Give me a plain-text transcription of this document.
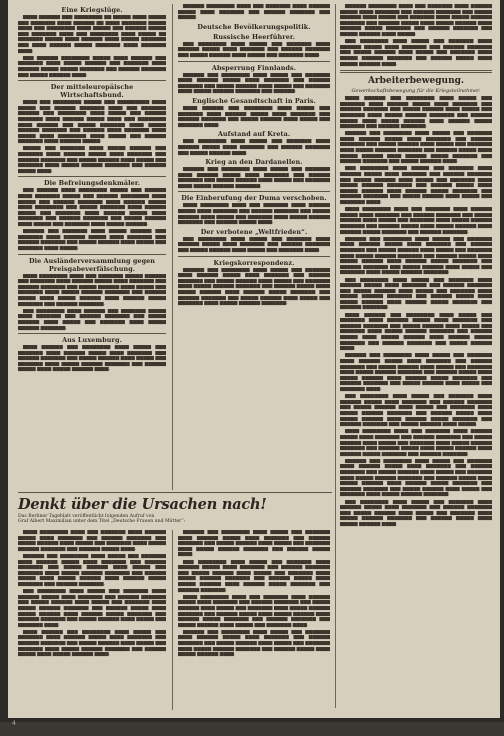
Eine Kriegslüge.

▆▆▆▆ ▆▆▆▆▆▆ ▆▆▆ ▆▆▆▆▆▆▆▆ ▆▆ ▆▆▆▆▆ ▆▆▆▆ ▆▆▆▆▆ ▆▆▆ ▆▆▆▆▆▆▆ ▆▆▆▆ ▆▆▆▆▆▆ ▆▆ ▆▆▆▆ ▆▆▆▆▆▆▆ ▆▆▆▆▆ ▆▆▆▆ ▆▆▆ ▆▆▆▆▆▆▆▆ ▆▆▆▆ ▆▆▆▆▆ ▆▆▆ ▆▆▆▆▆▆ ▆▆▆▆▆ ▆▆▆ ▆▆▆▆▆▆▆ ▆▆▆▆ ▆▆▆ ▆▆▆▆▆▆▆▆ ▆▆▆▆ ▆▆▆▆▆ ▆▆ ▆▆▆▆▆▆▆ ▆▆▆▆▆ ▆▆▆▆ ▆▆▆▆▆▆ ▆▆▆▆ ▆▆▆▆▆ ▆▆▆▆▆▆▆ ▆▆▆ ▆▆▆▆ ▆▆▆▆▆▆ ▆▆▆▆▆ ▆▆▆▆▆▆▆ ▆▆▆▆ ▆▆▆▆▆▆▆ ▆▆▆▆.

▆▆▆ ▆▆▆▆▆▆ ▆▆▆▆▆▆▆▆ ▆▆▆▆▆ ▆▆▆▆ ▆▆▆▆▆▆ ▆▆▆ ▆▆▆▆▆▆▆ ▆▆▆▆ ▆▆▆▆▆ ▆▆▆▆▆▆ ▆▆▆ ▆▆▆▆▆▆▆ ▆▆▆▆ ▆▆▆▆▆▆ ▆▆▆▆▆ ▆▆▆▆▆ ▆▆▆▆▆▆▆ ▆▆▆ ▆▆▆▆▆▆ ▆▆▆▆▆▆▆ ▆▆▆ ▆▆▆▆▆ ▆▆▆▆▆▆ ▆▆▆▆.

Der mitteleuropäische Wirtschaftsbund.

▆▆▆▆ ▆▆▆ ▆▆▆▆▆▆▆▆ ▆▆▆▆▆ ▆▆▆ ▆▆▆▆▆▆▆▆▆ ▆▆▆▆ ▆▆▆▆▆ ▆▆▆ ▆▆▆▆▆▆ ▆▆▆▆▆▆▆ ▆▆▆▆ ▆▆▆ ▆▆▆▆▆▆▆ ▆▆▆▆▆▆ ▆▆▆ ▆▆▆▆▆▆▆▆ ▆▆▆▆ ▆▆▆▆▆ ▆▆▆ ▆▆▆▆▆▆ ▆▆▆▆▆▆▆ ▆▆▆▆ ▆▆▆▆▆▆ ▆▆▆▆▆ ▆▆▆▆ ▆▆▆ ▆▆▆▆▆▆▆▆ ▆▆▆▆ ▆▆▆▆▆▆ ▆▆▆ ▆▆▆▆▆ ▆▆▆▆▆▆▆ ▆▆▆▆ ▆▆▆▆▆ ▆▆▆▆▆▆ ▆▆▆▆▆▆▆ ▆▆▆ ▆▆▆▆▆▆ ▆▆▆▆ ▆▆▆▆▆▆▆ ▆▆▆▆ ▆▆▆▆▆ ▆▆▆▆ ▆▆▆▆▆▆▆▆ ▆▆▆▆ ▆▆▆▆▆ ▆▆▆ ▆▆▆▆▆▆ ▆▆▆▆▆▆▆ ▆▆▆▆ ▆▆▆▆▆▆ ▆▆▆▆▆.

▆▆▆▆▆ ▆▆▆ ▆▆▆▆▆▆▆ ▆▆▆▆ ▆▆▆▆▆ ▆▆▆▆▆▆ ▆▆▆ ▆▆▆▆▆▆▆ ▆▆▆▆ ▆▆▆▆▆▆ ▆▆▆▆▆ ▆▆▆▆ ▆▆▆▆▆▆▆ ▆▆▆ ▆▆▆▆▆▆ ▆▆▆▆▆▆▆ ▆▆▆ ▆▆▆▆▆ ▆▆▆▆▆▆ ▆▆▆▆ ▆▆▆▆▆ ▆▆▆ ▆▆▆▆▆▆▆ ▆▆▆▆ ▆▆▆▆▆ ▆▆▆▆▆▆ ▆▆▆▆▆▆▆ ▆▆▆ ▆▆▆▆▆▆ ▆▆▆▆▆ ▆▆▆▆.

Die Befreiungsdenkmäler.

▆▆▆ ▆▆▆▆▆▆ ▆▆▆▆ ▆▆▆▆▆▆▆▆ ▆▆▆▆▆ ▆▆▆ ▆▆▆▆▆▆ ▆▆▆▆ ▆▆▆▆▆▆▆ ▆▆▆▆▆ ▆▆▆ ▆▆▆▆▆▆ ▆▆▆▆▆▆▆▆ ▆▆▆▆ ▆▆▆▆▆ ▆▆▆ ▆▆▆▆▆▆ ▆▆▆▆▆▆▆ ▆▆▆▆ ▆▆▆▆▆▆ ▆▆▆▆▆ ▆▆▆▆ ▆▆▆▆▆▆▆▆ ▆▆▆ ▆▆▆▆▆ ▆▆▆▆▆▆▆ ▆▆▆▆ ▆▆▆▆▆▆ ▆▆▆▆▆ ▆▆▆ ▆▆▆▆▆▆▆ ▆▆▆▆ ▆▆▆▆▆▆ ▆▆▆▆▆ ▆▆▆▆ ▆▆▆▆▆▆▆ ▆▆▆ ▆▆▆▆▆▆ ▆▆▆▆▆▆▆ ▆▆▆ ▆▆▆▆▆ ▆▆▆▆▆▆ ▆▆▆▆ ▆▆▆▆▆ ▆▆▆ ▆▆▆▆▆▆▆ ▆▆▆▆ ▆▆▆▆▆ ▆▆▆▆▆▆.

▆▆▆▆▆▆ ▆▆▆ ▆▆▆▆▆▆▆ ▆▆▆▆ ▆▆▆▆▆ ▆▆▆▆▆▆ ▆▆▆ ▆▆▆▆▆▆▆ ▆▆▆▆ ▆▆▆▆▆▆ ▆▆▆▆▆ ▆▆▆▆ ▆▆▆▆▆▆▆ ▆▆▆ ▆▆▆▆▆▆ ▆▆▆▆▆▆▆ ▆▆▆ ▆▆▆▆▆ ▆▆▆▆▆▆ ▆▆▆▆ ▆▆▆▆▆ ▆▆▆ ▆▆▆▆▆▆▆ ▆▆▆▆ ▆▆▆▆▆.

Die Ausländerversammlung gegen Preisgabeverfälschung.

▆▆▆▆ ▆▆▆▆▆▆▆▆ ▆▆▆▆ ▆▆▆ ▆▆▆▆▆▆▆ ▆▆▆▆▆ ▆▆▆▆▆▆ ▆▆▆ ▆▆▆▆▆▆▆ ▆▆▆▆ ▆▆▆▆▆▆ ▆▆▆▆▆ ▆▆▆▆ ▆▆▆▆▆▆▆ ▆▆▆ ▆▆▆▆▆▆ ▆▆▆▆▆▆▆ ▆▆▆ ▆▆▆▆▆ ▆▆▆▆▆▆ ▆▆▆▆ ▆▆▆▆▆ ▆▆▆ ▆▆▆▆▆▆▆ ▆▆▆▆ ▆▆▆▆▆ ▆▆▆▆▆▆ ▆▆▆▆▆▆▆ ▆▆▆ ▆▆▆▆▆▆ ▆▆▆▆▆ ▆▆▆▆ ▆▆▆▆▆ ▆▆▆▆▆▆ ▆▆▆▆ ▆▆▆▆▆▆ ▆▆▆▆▆ ▆▆▆▆▆▆▆ ▆▆▆ ▆▆▆▆▆▆ ▆▆▆▆▆▆▆.

▆▆▆ ▆▆▆▆▆▆▆▆ ▆▆▆▆ ▆▆▆▆▆▆ ▆▆▆ ▆▆▆▆▆▆▆ ▆▆▆▆▆ ▆▆▆▆ ▆▆▆▆▆▆▆ ▆▆▆ ▆▆▆▆▆▆ ▆▆▆▆▆▆▆ ▆▆▆ ▆▆▆▆▆ ▆▆▆▆▆▆ ▆▆▆▆ ▆▆▆▆▆ ▆▆▆ ▆▆▆▆▆▆▆ ▆▆▆▆ ▆▆▆▆▆ ▆▆▆▆▆▆ ▆▆▆▆▆▆▆.

Aus Luxemburg.

▆▆▆▆ ▆▆▆▆▆▆ ▆▆▆ ▆▆▆▆▆▆▆▆ ▆▆▆▆ ▆▆▆▆▆ ▆▆▆ ▆▆▆▆▆▆▆ ▆▆▆▆ ▆▆▆▆▆▆ ▆▆▆▆▆ ▆▆▆▆ ▆▆▆▆▆▆▆ ▆▆▆ ▆▆▆▆▆▆ ▆▆▆▆▆▆▆ ▆▆▆ ▆▆▆▆▆ ▆▆▆▆▆▆ ▆▆▆▆ ▆▆▆▆▆ ▆▆▆ ▆▆▆▆▆▆▆ ▆▆▆▆ ▆▆▆▆▆ ▆▆▆▆▆▆ ▆▆▆▆▆▆▆ ▆▆▆ ▆▆▆▆▆▆ ▆▆▆▆▆ ▆▆▆▆ ▆▆▆▆▆ ▆▆▆▆▆▆ ▆▆▆▆.

▆▆▆▆▆▆ ▆▆▆▆▆▆▆▆ ▆▆▆▆ ▆▆▆ ▆▆▆▆▆▆▆ ▆▆▆▆ ▆▆▆▆▆▆ ▆▆▆▆▆ ▆▆▆▆ ▆▆▆▆▆▆▆ ▆▆▆ ▆▆▆▆▆▆ ▆▆▆▆▆▆▆ ▆▆▆ ▆▆▆▆▆.

Deutsche Bevölkerungspolitik.
Russische Heerführer.

▆▆▆ ▆▆▆▆▆▆▆▆ ▆▆▆▆ ▆▆▆▆▆ ▆▆▆ ▆▆▆▆▆▆▆ ▆▆▆▆ ▆▆▆▆▆▆ ▆▆▆▆▆ ▆▆▆▆ ▆▆▆▆▆▆▆ ▆▆▆ ▆▆▆▆▆▆ ▆▆▆▆▆▆▆ ▆▆▆ ▆▆▆▆▆ ▆▆▆▆▆▆ ▆▆▆▆ ▆▆▆▆▆ ▆▆▆ ▆▆▆▆▆▆▆ ▆▆▆▆.

Absperrung Finnlands.

▆▆▆▆▆▆ ▆▆▆ ▆▆▆▆▆▆▆▆ ▆▆▆▆ ▆▆▆▆▆ ▆▆▆ ▆▆▆▆▆▆▆ ▆▆▆▆ ▆▆▆▆▆▆ ▆▆▆▆▆ ▆▆▆▆ ▆▆▆▆▆▆▆ ▆▆▆ ▆▆▆▆▆▆ ▆▆▆▆▆▆▆ ▆▆▆ ▆▆▆▆▆ ▆▆▆▆▆▆ ▆▆▆▆ ▆▆▆▆▆ ▆▆▆ ▆▆▆▆▆▆▆ ▆▆▆▆ ▆▆▆▆▆ ▆▆▆▆▆▆ ▆▆▆▆▆▆▆ ▆▆▆ ▆▆▆▆▆▆.

Englische Gesandtschaft in Paris.

▆▆▆▆ ▆▆▆▆▆▆ ▆▆▆ ▆▆▆▆▆▆▆▆ ▆▆▆▆ ▆▆▆▆▆ ▆▆▆ ▆▆▆▆▆▆▆ ▆▆▆▆ ▆▆▆▆▆▆ ▆▆▆▆▆ ▆▆▆▆ ▆▆▆▆▆▆▆ ▆▆▆ ▆▆▆▆▆▆ ▆▆▆▆▆▆▆ ▆▆▆ ▆▆▆▆▆ ▆▆▆▆▆▆ ▆▆▆▆ ▆▆▆▆▆ ▆▆▆ ▆▆▆▆▆▆▆ ▆▆▆▆.

Aufstand auf Kreta.

▆▆▆ ▆▆▆▆▆▆▆▆ ▆▆▆▆ ▆▆▆▆▆ ▆▆▆ ▆▆▆▆▆▆▆ ▆▆▆▆ ▆▆▆▆▆▆ ▆▆▆▆▆ ▆▆▆▆ ▆▆▆▆▆▆▆ ▆▆▆ ▆▆▆▆▆▆ ▆▆▆▆▆▆▆ ▆▆▆ ▆▆▆▆▆ ▆▆▆▆▆▆ ▆▆▆▆.

Krieg an den Dardanellen.

▆▆▆▆▆▆ ▆▆▆ ▆▆▆▆▆▆▆▆ ▆▆▆▆ ▆▆▆▆▆ ▆▆▆ ▆▆▆▆▆▆▆ ▆▆▆▆ ▆▆▆▆▆▆ ▆▆▆▆▆ ▆▆▆▆ ▆▆▆▆▆▆▆ ▆▆▆ ▆▆▆▆▆▆ ▆▆▆▆▆▆▆ ▆▆▆ ▆▆▆▆▆ ▆▆▆▆▆▆ ▆▆▆▆ ▆▆▆▆▆ ▆▆▆ ▆▆▆▆▆▆▆ ▆▆▆▆ ▆▆▆▆▆ ▆▆▆▆▆▆ ▆▆▆▆▆▆▆.

Die Einberufung der Duma verschoben.

▆▆▆▆ ▆▆▆▆▆▆▆▆ ▆▆▆▆ ▆▆▆ ▆▆▆▆▆▆▆ ▆▆▆▆ ▆▆▆▆▆▆ ▆▆▆▆▆ ▆▆▆▆ ▆▆▆▆▆▆▆ ▆▆▆ ▆▆▆▆▆▆ ▆▆▆▆▆▆▆ ▆▆▆ ▆▆▆▆▆ ▆▆▆▆▆▆ ▆▆▆▆ ▆▆▆▆▆ ▆▆▆ ▆▆▆▆▆▆▆ ▆▆▆▆ ▆▆▆▆▆ ▆▆▆▆▆▆ ▆▆▆▆▆▆▆ ▆▆▆ ▆▆▆▆▆▆ ▆▆▆▆▆ ▆▆▆▆.

Der verbotene „Weltfrieden“.

▆▆▆ ▆▆▆▆▆▆▆▆ ▆▆▆▆ ▆▆▆▆▆ ▆▆▆ ▆▆▆▆▆▆▆ ▆▆▆▆ ▆▆▆▆▆▆ ▆▆▆▆▆ ▆▆▆▆ ▆▆▆▆▆▆▆ ▆▆▆ ▆▆▆▆▆▆ ▆▆▆▆▆▆▆ ▆▆▆ ▆▆▆▆▆ ▆▆▆▆▆▆ ▆▆▆▆ ▆▆▆▆▆ ▆▆▆ ▆▆▆▆▆▆▆ ▆▆▆▆.

Kriegskorrespondenz.

▆▆▆▆▆▆ ▆▆▆ ▆▆▆▆▆▆▆▆ ▆▆▆▆ ▆▆▆▆▆ ▆▆▆ ▆▆▆▆▆▆▆ ▆▆▆▆ ▆▆▆▆▆▆ ▆▆▆▆▆ ▆▆▆▆ ▆▆▆▆▆▆▆ ▆▆▆ ▆▆▆▆▆▆ ▆▆▆▆▆▆▆ ▆▆▆ ▆▆▆▆▆ ▆▆▆▆▆▆ ▆▆▆▆ ▆▆▆▆▆ ▆▆▆ ▆▆▆▆▆▆▆ ▆▆▆▆ ▆▆▆▆▆ ▆▆▆▆▆▆ ▆▆▆▆▆▆▆ ▆▆▆ ▆▆▆▆▆▆ ▆▆▆▆▆ ▆▆▆▆ ▆▆▆▆▆ ▆▆▆▆▆▆ ▆▆▆▆ ▆▆▆▆▆▆ ▆▆▆▆▆ ▆▆▆▆▆▆▆ ▆▆▆ ▆▆▆▆▆▆ ▆▆▆▆▆▆▆ ▆▆▆ ▆▆▆▆▆ ▆▆▆▆▆▆ ▆▆▆▆ ▆▆▆▆▆ ▆▆▆ ▆▆▆▆▆▆▆ ▆▆▆▆ ▆▆▆▆▆ ▆▆▆▆▆▆ ▆▆▆▆▆▆▆.

▆▆▆▆▆▆ ▆▆▆▆▆▆▆▆ ▆▆▆▆ ▆▆▆ ▆▆▆▆▆▆▆ ▆▆▆▆ ▆▆▆▆▆▆ ▆▆▆▆▆ ▆▆▆▆ ▆▆▆▆▆▆▆ ▆▆▆ ▆▆▆▆▆▆ ▆▆▆▆▆▆▆ ▆▆▆ ▆▆▆▆▆ ▆▆▆▆▆▆ ▆▆▆▆ ▆▆▆▆▆ ▆▆▆ ▆▆▆▆▆▆▆ ▆▆▆▆ ▆▆▆▆▆ ▆▆▆▆▆▆ ▆▆▆▆▆▆▆ ▆▆▆ ▆▆▆▆▆▆ ▆▆▆▆▆ ▆▆▆▆ ▆▆▆▆▆ ▆▆▆▆▆▆ ▆▆▆▆ ▆▆▆▆▆▆ ▆▆▆▆▆ ▆▆▆▆▆▆▆ ▆▆▆ ▆▆▆▆▆▆ ▆▆▆▆▆▆▆ ▆▆▆ ▆▆▆▆▆ ▆▆▆▆▆▆ ▆▆▆▆ ▆▆▆▆▆.

▆▆▆ ▆▆▆▆▆▆▆▆ ▆▆▆▆ ▆▆▆▆▆ ▆▆▆ ▆▆▆▆▆▆▆ ▆▆▆▆ ▆▆▆▆▆▆ ▆▆▆▆▆ ▆▆▆▆ ▆▆▆▆▆▆▆ ▆▆▆ ▆▆▆▆▆▆ ▆▆▆▆▆▆▆ ▆▆▆ ▆▆▆▆▆ ▆▆▆▆▆▆ ▆▆▆▆ ▆▆▆▆▆ ▆▆▆ ▆▆▆▆▆▆▆ ▆▆▆▆ ▆▆▆▆▆ ▆▆▆▆▆▆ ▆▆▆▆▆▆▆ ▆▆▆ ▆▆▆▆▆▆ ▆▆▆▆▆ ▆▆▆▆ ▆▆▆▆▆ ▆▆▆▆▆▆ ▆▆▆▆.

Arbeiterbewegung.
Gewerkschaftsbewegung für die Kriegsteilnehmer.

▆▆▆▆ ▆▆▆▆▆▆ ▆▆▆ ▆▆▆▆▆▆▆▆ ▆▆▆▆ ▆▆▆▆▆ ▆▆▆ ▆▆▆▆▆▆▆ ▆▆▆▆ ▆▆▆▆▆▆ ▆▆▆▆▆ ▆▆▆▆ ▆▆▆▆▆▆▆ ▆▆▆ ▆▆▆▆▆▆ ▆▆▆▆▆▆▆ ▆▆▆ ▆▆▆▆▆ ▆▆▆▆▆▆ ▆▆▆▆ ▆▆▆▆▆ ▆▆▆ ▆▆▆▆▆▆▆ ▆▆▆▆ ▆▆▆▆▆ ▆▆▆▆▆▆ ▆▆▆▆▆▆▆ ▆▆▆ ▆▆▆▆▆▆ ▆▆▆▆▆ ▆▆▆▆ ▆▆▆▆▆ ▆▆▆▆▆▆ ▆▆▆▆ ▆▆▆▆▆▆ ▆▆▆▆▆ ▆▆▆▆▆▆▆ ▆▆▆ ▆▆▆▆▆▆ ▆▆▆▆▆▆▆.

▆▆▆▆▆▆ ▆▆▆ ▆▆▆▆▆▆▆▆ ▆▆▆▆ ▆▆▆▆▆ ▆▆▆ ▆▆▆▆▆▆▆ ▆▆▆▆ ▆▆▆▆▆▆ ▆▆▆▆▆ ▆▆▆▆ ▆▆▆▆▆▆▆ ▆▆▆ ▆▆▆▆▆▆ ▆▆▆▆▆▆▆ ▆▆▆ ▆▆▆▆▆ ▆▆▆▆▆▆ ▆▆▆▆ ▆▆▆▆▆ ▆▆▆ ▆▆▆▆▆▆▆ ▆▆▆▆ ▆▆▆▆▆ ▆▆▆▆▆▆ ▆▆▆▆▆▆▆ ▆▆▆ ▆▆▆▆▆▆ ▆▆▆▆▆ ▆▆▆▆ ▆▆▆▆▆ ▆▆▆▆▆▆ ▆▆▆▆ ▆▆▆▆▆▆ ▆▆▆▆▆ ▆▆▆▆▆▆▆ ▆▆▆ ▆▆▆▆▆▆ ▆▆▆▆▆▆▆ ▆▆▆ ▆▆▆▆▆ ▆▆▆▆▆▆ ▆▆▆▆.

▆▆▆ ▆▆▆▆▆▆▆▆ ▆▆▆▆ ▆▆▆▆▆ ▆▆▆ ▆▆▆▆▆▆▆ ▆▆▆▆ ▆▆▆▆▆▆ ▆▆▆▆▆ ▆▆▆▆ ▆▆▆▆▆▆▆ ▆▆▆ ▆▆▆▆▆▆ ▆▆▆▆▆▆▆ ▆▆▆ ▆▆▆▆▆ ▆▆▆▆▆▆ ▆▆▆▆ ▆▆▆▆▆ ▆▆▆ ▆▆▆▆▆▆▆ ▆▆▆▆ ▆▆▆▆▆ ▆▆▆▆▆▆ ▆▆▆▆▆▆▆ ▆▆▆ ▆▆▆▆▆▆ ▆▆▆▆▆ ▆▆▆▆ ▆▆▆▆▆ ▆▆▆▆▆▆ ▆▆▆▆ ▆▆▆▆▆▆ ▆▆▆▆▆ ▆▆▆▆▆▆▆ ▆▆▆ ▆▆▆▆▆▆ ▆▆▆▆▆▆▆ ▆▆▆ ▆▆▆▆▆ ▆▆▆▆▆▆ ▆▆▆▆ ▆▆▆▆▆ ▆▆▆ ▆▆▆▆▆▆▆ ▆▆▆▆.

▆▆▆▆ ▆▆▆▆▆▆▆▆ ▆▆▆▆ ▆▆▆ ▆▆▆▆▆▆▆ ▆▆▆▆ ▆▆▆▆▆▆ ▆▆▆▆▆ ▆▆▆▆ ▆▆▆▆▆▆▆ ▆▆▆ ▆▆▆▆▆▆ ▆▆▆▆▆▆▆ ▆▆▆ ▆▆▆▆▆ ▆▆▆▆▆▆ ▆▆▆▆ ▆▆▆▆▆ ▆▆▆ ▆▆▆▆▆▆▆ ▆▆▆▆ ▆▆▆▆▆ ▆▆▆▆▆▆ ▆▆▆▆▆▆▆ ▆▆▆ ▆▆▆▆▆▆ ▆▆▆▆▆ ▆▆▆▆ ▆▆▆▆▆ ▆▆▆▆▆▆ ▆▆▆▆ ▆▆▆▆▆▆ ▆▆▆▆▆ ▆▆▆▆▆▆▆ ▆▆▆ ▆▆▆▆▆▆ ▆▆▆▆▆▆▆.

▆▆▆▆▆▆ ▆▆▆ ▆▆▆▆▆▆▆▆ ▆▆▆▆ ▆▆▆▆▆ ▆▆▆ ▆▆▆▆▆▆▆ ▆▆▆▆ ▆▆▆▆▆▆ ▆▆▆▆▆ ▆▆▆▆ ▆▆▆▆▆▆▆ ▆▆▆ ▆▆▆▆▆▆ ▆▆▆▆▆▆▆ ▆▆▆ ▆▆▆▆▆ ▆▆▆▆▆▆ ▆▆▆▆ ▆▆▆▆▆ ▆▆▆ ▆▆▆▆▆▆▆ ▆▆▆▆ ▆▆▆▆▆ ▆▆▆▆▆▆ ▆▆▆▆▆▆▆ ▆▆▆ ▆▆▆▆▆▆ ▆▆▆▆▆ ▆▆▆▆ ▆▆▆▆▆ ▆▆▆▆▆▆ ▆▆▆▆ ▆▆▆▆▆▆ ▆▆▆▆▆ ▆▆▆▆▆▆▆ ▆▆▆ ▆▆▆▆▆▆ ▆▆▆▆▆▆▆ ▆▆▆ ▆▆▆▆▆ ▆▆▆▆▆▆ ▆▆▆▆ ▆▆▆▆▆ ▆▆▆ ▆▆▆▆▆▆▆ ▆▆▆▆ ▆▆▆▆▆ ▆▆▆▆▆▆ ▆▆▆▆▆▆▆.

▆▆▆ ▆▆▆▆▆▆▆▆ ▆▆▆▆ ▆▆▆▆▆ ▆▆▆ ▆▆▆▆▆▆▆ ▆▆▆▆ ▆▆▆▆▆▆ ▆▆▆▆▆ ▆▆▆▆ ▆▆▆▆▆▆▆ ▆▆▆ ▆▆▆▆▆▆ ▆▆▆▆▆▆▆ ▆▆▆ ▆▆▆▆▆ ▆▆▆▆▆▆ ▆▆▆▆ ▆▆▆▆▆ ▆▆▆ ▆▆▆▆▆▆▆ ▆▆▆▆ ▆▆▆▆▆ ▆▆▆▆▆▆ ▆▆▆▆▆▆▆ ▆▆▆ ▆▆▆▆▆▆ ▆▆▆▆▆ ▆▆▆▆ ▆▆▆▆▆ ▆▆▆▆▆▆ ▆▆▆▆ ▆▆▆▆▆▆ ▆▆▆▆▆ ▆▆▆▆▆▆▆ ▆▆▆ ▆▆▆▆▆▆ ▆▆▆▆▆▆▆.

▆▆▆▆ ▆▆▆▆▆▆ ▆▆▆ ▆▆▆▆▆▆▆▆ ▆▆▆▆ ▆▆▆▆▆ ▆▆▆ ▆▆▆▆▆▆▆ ▆▆▆▆ ▆▆▆▆▆▆ ▆▆▆▆▆ ▆▆▆▆ ▆▆▆▆▆▆▆ ▆▆▆ ▆▆▆▆▆▆ ▆▆▆▆▆▆▆ ▆▆▆ ▆▆▆▆▆ ▆▆▆▆▆▆ ▆▆▆▆ ▆▆▆▆▆ ▆▆▆ ▆▆▆▆▆▆▆ ▆▆▆▆ ▆▆▆▆▆ ▆▆▆▆▆▆ ▆▆▆▆▆▆▆ ▆▆▆ ▆▆▆▆▆▆ ▆▆▆▆▆ ▆▆▆▆ ▆▆▆▆▆ ▆▆▆▆▆▆ ▆▆▆▆ ▆▆▆▆▆▆ ▆▆▆▆▆ ▆▆▆▆▆▆▆ ▆▆▆ ▆▆▆▆▆▆ ▆▆▆▆▆▆▆ ▆▆▆ ▆▆▆▆▆ ▆▆▆▆▆▆ ▆▆▆▆.

▆▆▆▆▆▆ ▆▆▆ ▆▆▆▆▆▆▆▆ ▆▆▆▆ ▆▆▆▆▆ ▆▆▆ ▆▆▆▆▆▆▆ ▆▆▆▆ ▆▆▆▆▆▆ ▆▆▆▆▆ ▆▆▆▆ ▆▆▆▆▆▆▆ ▆▆▆ ▆▆▆▆▆▆ ▆▆▆▆▆▆▆ ▆▆▆ ▆▆▆▆▆ ▆▆▆▆▆▆ ▆▆▆▆ ▆▆▆▆▆ ▆▆▆ ▆▆▆▆▆▆▆ ▆▆▆▆ ▆▆▆▆▆ ▆▆▆▆▆▆ ▆▆▆▆▆▆▆ ▆▆▆ ▆▆▆▆▆▆ ▆▆▆▆▆ ▆▆▆▆ ▆▆▆▆▆ ▆▆▆▆▆▆ ▆▆▆▆ ▆▆▆▆▆▆ ▆▆▆▆▆ ▆▆▆▆▆▆▆ ▆▆▆ ▆▆▆▆▆▆ ▆▆▆▆▆▆▆ ▆▆▆ ▆▆▆▆▆ ▆▆▆▆▆▆ ▆▆▆▆ ▆▆▆▆▆ ▆▆▆ ▆▆▆▆▆▆▆ ▆▆▆▆.

▆▆▆ ▆▆▆▆▆▆▆▆ ▆▆▆▆ ▆▆▆▆▆ ▆▆▆ ▆▆▆▆▆▆▆ ▆▆▆▆ ▆▆▆▆▆▆ ▆▆▆▆▆ ▆▆▆▆ ▆▆▆▆▆▆▆ ▆▆▆ ▆▆▆▆▆▆ ▆▆▆▆▆▆▆ ▆▆▆ ▆▆▆▆▆ ▆▆▆▆▆▆ ▆▆▆▆ ▆▆▆▆▆ ▆▆▆ ▆▆▆▆▆▆▆ ▆▆▆▆ ▆▆▆▆▆ ▆▆▆▆▆▆ ▆▆▆▆▆▆▆ ▆▆▆ ▆▆▆▆▆▆ ▆▆▆▆▆ ▆▆▆▆ ▆▆▆▆▆ ▆▆▆▆▆▆ ▆▆▆▆ ▆▆▆▆▆▆ ▆▆▆▆▆ ▆▆▆▆▆▆▆ ▆▆▆ ▆▆▆▆▆▆ ▆▆▆▆▆▆▆ ▆▆▆ ▆▆▆▆▆ ▆▆▆▆▆▆ ▆▆▆▆ ▆▆▆▆▆.

▆▆▆▆ ▆▆▆▆▆▆▆▆ ▆▆▆▆ ▆▆▆ ▆▆▆▆▆▆▆ ▆▆▆▆ ▆▆▆▆▆▆ ▆▆▆▆▆ ▆▆▆▆ ▆▆▆▆▆▆▆ ▆▆▆ ▆▆▆▆▆▆ ▆▆▆▆▆▆▆ ▆▆▆ ▆▆▆▆▆ ▆▆▆▆▆▆ ▆▆▆▆ ▆▆▆▆▆ ▆▆▆ ▆▆▆▆▆▆▆ ▆▆▆▆ ▆▆▆▆▆ ▆▆▆▆▆▆ ▆▆▆▆▆▆▆ ▆▆▆ ▆▆▆▆▆▆ ▆▆▆▆▆ ▆▆▆▆ ▆▆▆▆▆ ▆▆▆▆▆▆ ▆▆▆▆ ▆▆▆▆▆▆ ▆▆▆▆▆ ▆▆▆▆▆▆▆ ▆▆▆ ▆▆▆▆▆▆ ▆▆▆▆▆▆▆.

▆▆▆▆▆▆ ▆▆▆ ▆▆▆▆▆▆▆▆ ▆▆▆▆ ▆▆▆▆▆ ▆▆▆ ▆▆▆▆▆▆▆ ▆▆▆▆ ▆▆▆▆▆▆ ▆▆▆▆▆ ▆▆▆▆ ▆▆▆▆▆▆▆ ▆▆▆ ▆▆▆▆▆▆ ▆▆▆▆▆▆▆ ▆▆▆ ▆▆▆▆▆ ▆▆▆▆▆▆ ▆▆▆▆ ▆▆▆▆▆ ▆▆▆ ▆▆▆▆▆▆▆ ▆▆▆▆ ▆▆▆▆▆ ▆▆▆▆▆▆ ▆▆▆▆▆▆▆ ▆▆▆ ▆▆▆▆▆▆ ▆▆▆▆▆ ▆▆▆▆ ▆▆▆▆▆ ▆▆▆▆▆▆ ▆▆▆▆ ▆▆▆▆▆▆ ▆▆▆▆▆ ▆▆▆▆▆▆▆ ▆▆▆ ▆▆▆▆▆▆ ▆▆▆▆▆▆▆ ▆▆▆ ▆▆▆▆▆ ▆▆▆▆▆▆ ▆▆▆▆ ▆▆▆▆▆ ▆▆▆ ▆▆▆▆▆▆▆ ▆▆▆▆ ▆▆▆▆▆ ▆▆▆▆▆▆ ▆▆▆▆▆▆▆.

▆▆▆ ▆▆▆▆▆▆▆▆ ▆▆▆▆ ▆▆▆▆▆ ▆▆▆ ▆▆▆▆▆▆▆ ▆▆▆▆ ▆▆▆▆▆▆ ▆▆▆▆▆ ▆▆▆▆ ▆▆▆▆▆▆▆ ▆▆▆ ▆▆▆▆▆▆ ▆▆▆▆▆▆▆ ▆▆▆ ▆▆▆▆▆ ▆▆▆▆▆▆ ▆▆▆▆ ▆▆▆▆▆ ▆▆▆ ▆▆▆▆▆▆▆ ▆▆▆▆ ▆▆▆▆▆ ▆▆▆▆▆▆ ▆▆▆▆▆▆▆ ▆▆▆ ▆▆▆▆▆▆ ▆▆▆▆▆ ▆▆▆▆ ▆▆▆▆▆ ▆▆▆▆▆▆ ▆▆▆▆.

Denkt über die Ursachen nach!
Das Berliner Tageblatt veröffentlicht folgenden Aufruf von
Graf Albert Maximilian unter dem Titel „Deutsche Frauen und Mütter“:

▆▆▆▆ ▆▆▆▆▆▆▆▆ ▆▆▆▆ ▆▆▆ ▆▆▆▆▆▆▆ ▆▆▆▆ ▆▆▆▆▆▆ ▆▆▆▆▆ ▆▆▆▆ ▆▆▆▆▆▆▆ ▆▆▆ ▆▆▆▆▆▆ ▆▆▆▆▆▆▆ ▆▆▆ ▆▆▆▆▆ ▆▆▆▆▆▆ ▆▆▆▆ ▆▆▆▆▆ ▆▆▆ ▆▆▆▆▆▆▆ ▆▆▆▆ ▆▆▆▆▆ ▆▆▆▆▆▆ ▆▆▆▆▆▆▆ ▆▆▆ ▆▆▆▆▆▆ ▆▆▆▆▆ ▆▆▆▆.

▆▆▆▆▆▆ ▆▆▆ ▆▆▆▆▆▆▆▆ ▆▆▆▆ ▆▆▆▆▆ ▆▆▆ ▆▆▆▆▆▆▆ ▆▆▆▆ ▆▆▆▆▆▆ ▆▆▆▆▆ ▆▆▆▆ ▆▆▆▆▆▆▆ ▆▆▆ ▆▆▆▆▆▆ ▆▆▆▆▆▆▆ ▆▆▆ ▆▆▆▆▆ ▆▆▆▆▆▆ ▆▆▆▆ ▆▆▆▆▆ ▆▆▆ ▆▆▆▆▆▆▆ ▆▆▆▆ ▆▆▆▆▆ ▆▆▆▆▆▆ ▆▆▆▆▆▆▆ ▆▆▆ ▆▆▆▆▆▆ ▆▆▆▆▆ ▆▆▆▆ ▆▆▆▆▆ ▆▆▆▆▆▆ ▆▆▆▆ ▆▆▆▆▆▆ ▆▆▆▆▆ ▆▆▆▆▆▆▆ ▆▆▆ ▆▆▆▆▆▆ ▆▆▆▆▆▆▆.

▆▆▆ ▆▆▆▆▆▆▆▆ ▆▆▆▆ ▆▆▆▆▆ ▆▆▆ ▆▆▆▆▆▆▆ ▆▆▆▆ ▆▆▆▆▆▆ ▆▆▆▆▆ ▆▆▆▆ ▆▆▆▆▆▆▆ ▆▆▆ ▆▆▆▆▆▆ ▆▆▆▆▆▆▆ ▆▆▆ ▆▆▆▆▆ ▆▆▆▆▆▆ ▆▆▆▆ ▆▆▆▆▆ ▆▆▆ ▆▆▆▆▆▆▆ ▆▆▆▆ ▆▆▆▆▆ ▆▆▆▆▆▆ ▆▆▆▆▆▆▆ ▆▆▆ ▆▆▆▆▆▆ ▆▆▆▆▆ ▆▆▆▆ ▆▆▆▆▆ ▆▆▆▆▆▆ ▆▆▆▆ ▆▆▆▆▆▆ ▆▆▆▆▆ ▆▆▆▆▆▆▆ ▆▆▆ ▆▆▆▆▆▆ ▆▆▆▆▆▆▆ ▆▆▆ ▆▆▆▆▆ ▆▆▆▆▆▆ ▆▆▆▆ ▆▆▆▆▆ ▆▆▆ ▆▆▆▆▆▆▆ ▆▆▆▆.

▆▆▆▆ ▆▆▆▆▆▆ ▆▆▆ ▆▆▆▆▆▆▆▆ ▆▆▆▆ ▆▆▆▆▆ ▆▆▆ ▆▆▆▆▆▆▆ ▆▆▆▆ ▆▆▆▆▆▆ ▆▆▆▆▆ ▆▆▆▆ ▆▆▆▆▆▆▆ ▆▆▆ ▆▆▆▆▆▆ ▆▆▆▆▆▆▆ ▆▆▆ ▆▆▆▆▆ ▆▆▆▆▆▆ ▆▆▆▆ ▆▆▆▆▆ ▆▆▆ ▆▆▆▆▆▆▆ ▆▆▆▆ ▆▆▆▆▆ ▆▆▆▆▆▆ ▆▆▆▆▆▆▆ ▆▆▆ ▆▆▆▆▆▆ ▆▆▆▆▆ ▆▆▆▆ ▆▆▆▆▆ ▆▆▆▆▆▆ ▆▆▆▆.

▆▆▆▆▆▆ ▆▆▆ ▆▆▆▆▆▆▆▆ ▆▆▆▆ ▆▆▆▆▆ ▆▆▆ ▆▆▆▆▆▆▆ ▆▆▆▆ ▆▆▆▆▆▆ ▆▆▆▆▆ ▆▆▆▆ ▆▆▆▆▆▆▆ ▆▆▆ ▆▆▆▆▆▆ ▆▆▆▆▆▆▆ ▆▆▆ ▆▆▆▆▆ ▆▆▆▆▆▆ ▆▆▆▆ ▆▆▆▆▆ ▆▆▆ ▆▆▆▆▆▆▆ ▆▆▆▆ ▆▆▆▆▆ ▆▆▆▆▆▆ ▆▆▆▆▆▆▆ ▆▆▆ ▆▆▆▆▆▆ ▆▆▆▆▆ ▆▆▆▆.

▆▆▆ ▆▆▆▆▆▆▆▆ ▆▆▆▆ ▆▆▆▆▆ ▆▆▆ ▆▆▆▆▆▆▆ ▆▆▆▆ ▆▆▆▆▆▆ ▆▆▆▆▆ ▆▆▆▆ ▆▆▆▆▆▆▆ ▆▆▆ ▆▆▆▆▆▆ ▆▆▆▆▆▆▆ ▆▆▆ ▆▆▆▆▆ ▆▆▆▆▆▆ ▆▆▆▆ ▆▆▆▆▆ ▆▆▆ ▆▆▆▆▆▆▆ ▆▆▆▆ ▆▆▆▆▆ ▆▆▆▆▆▆ ▆▆▆▆▆▆▆ ▆▆▆ ▆▆▆▆▆▆ ▆▆▆▆▆ ▆▆▆▆ ▆▆▆▆▆ ▆▆▆▆▆▆ ▆▆▆▆ ▆▆▆▆▆▆ ▆▆▆▆▆ ▆▆▆▆▆▆▆ ▆▆▆ ▆▆▆▆▆▆ ▆▆▆▆▆▆▆.

▆▆▆▆ ▆▆▆▆▆▆▆▆ ▆▆▆▆ ▆▆▆ ▆▆▆▆▆▆▆ ▆▆▆▆ ▆▆▆▆▆▆ ▆▆▆▆▆ ▆▆▆▆ ▆▆▆▆▆▆▆ ▆▆▆ ▆▆▆▆▆▆ ▆▆▆▆▆▆▆ ▆▆▆ ▆▆▆▆▆ ▆▆▆▆▆▆ ▆▆▆▆ ▆▆▆▆▆ ▆▆▆ ▆▆▆▆▆▆▆ ▆▆▆▆ ▆▆▆▆▆ ▆▆▆▆▆▆ ▆▆▆▆▆▆▆ ▆▆▆ ▆▆▆▆▆▆ ▆▆▆▆▆ ▆▆▆▆ ▆▆▆▆▆ ▆▆▆▆▆▆ ▆▆▆▆ ▆▆▆▆▆▆ ▆▆▆▆▆ ▆▆▆▆▆▆▆ ▆▆▆ ▆▆▆▆▆▆ ▆▆▆▆▆▆▆ ▆▆▆ ▆▆▆▆▆ ▆▆▆▆▆▆ ▆▆▆▆ ▆▆▆▆▆ ▆▆▆ ▆▆▆▆▆▆▆ ▆▆▆▆.

▆▆▆▆▆▆ ▆▆▆ ▆▆▆▆▆▆▆▆ ▆▆▆▆ ▆▆▆▆▆ ▆▆▆ ▆▆▆▆▆▆▆ ▆▆▆▆ ▆▆▆▆▆▆ ▆▆▆▆▆ ▆▆▆▆ ▆▆▆▆▆▆▆ ▆▆▆ ▆▆▆▆▆▆ ▆▆▆▆▆▆▆ ▆▆▆ ▆▆▆▆▆ ▆▆▆▆▆▆ ▆▆▆▆ ▆▆▆▆▆ ▆▆▆ ▆▆▆▆▆▆▆ ▆▆▆▆ ▆▆▆▆▆ ▆▆▆▆▆▆ ▆▆▆▆▆▆▆ ▆▆▆ ▆▆▆▆▆▆ ▆▆▆▆▆ ▆▆▆▆ ▆▆▆▆▆ ▆▆▆▆▆▆ ▆▆▆▆.

4
